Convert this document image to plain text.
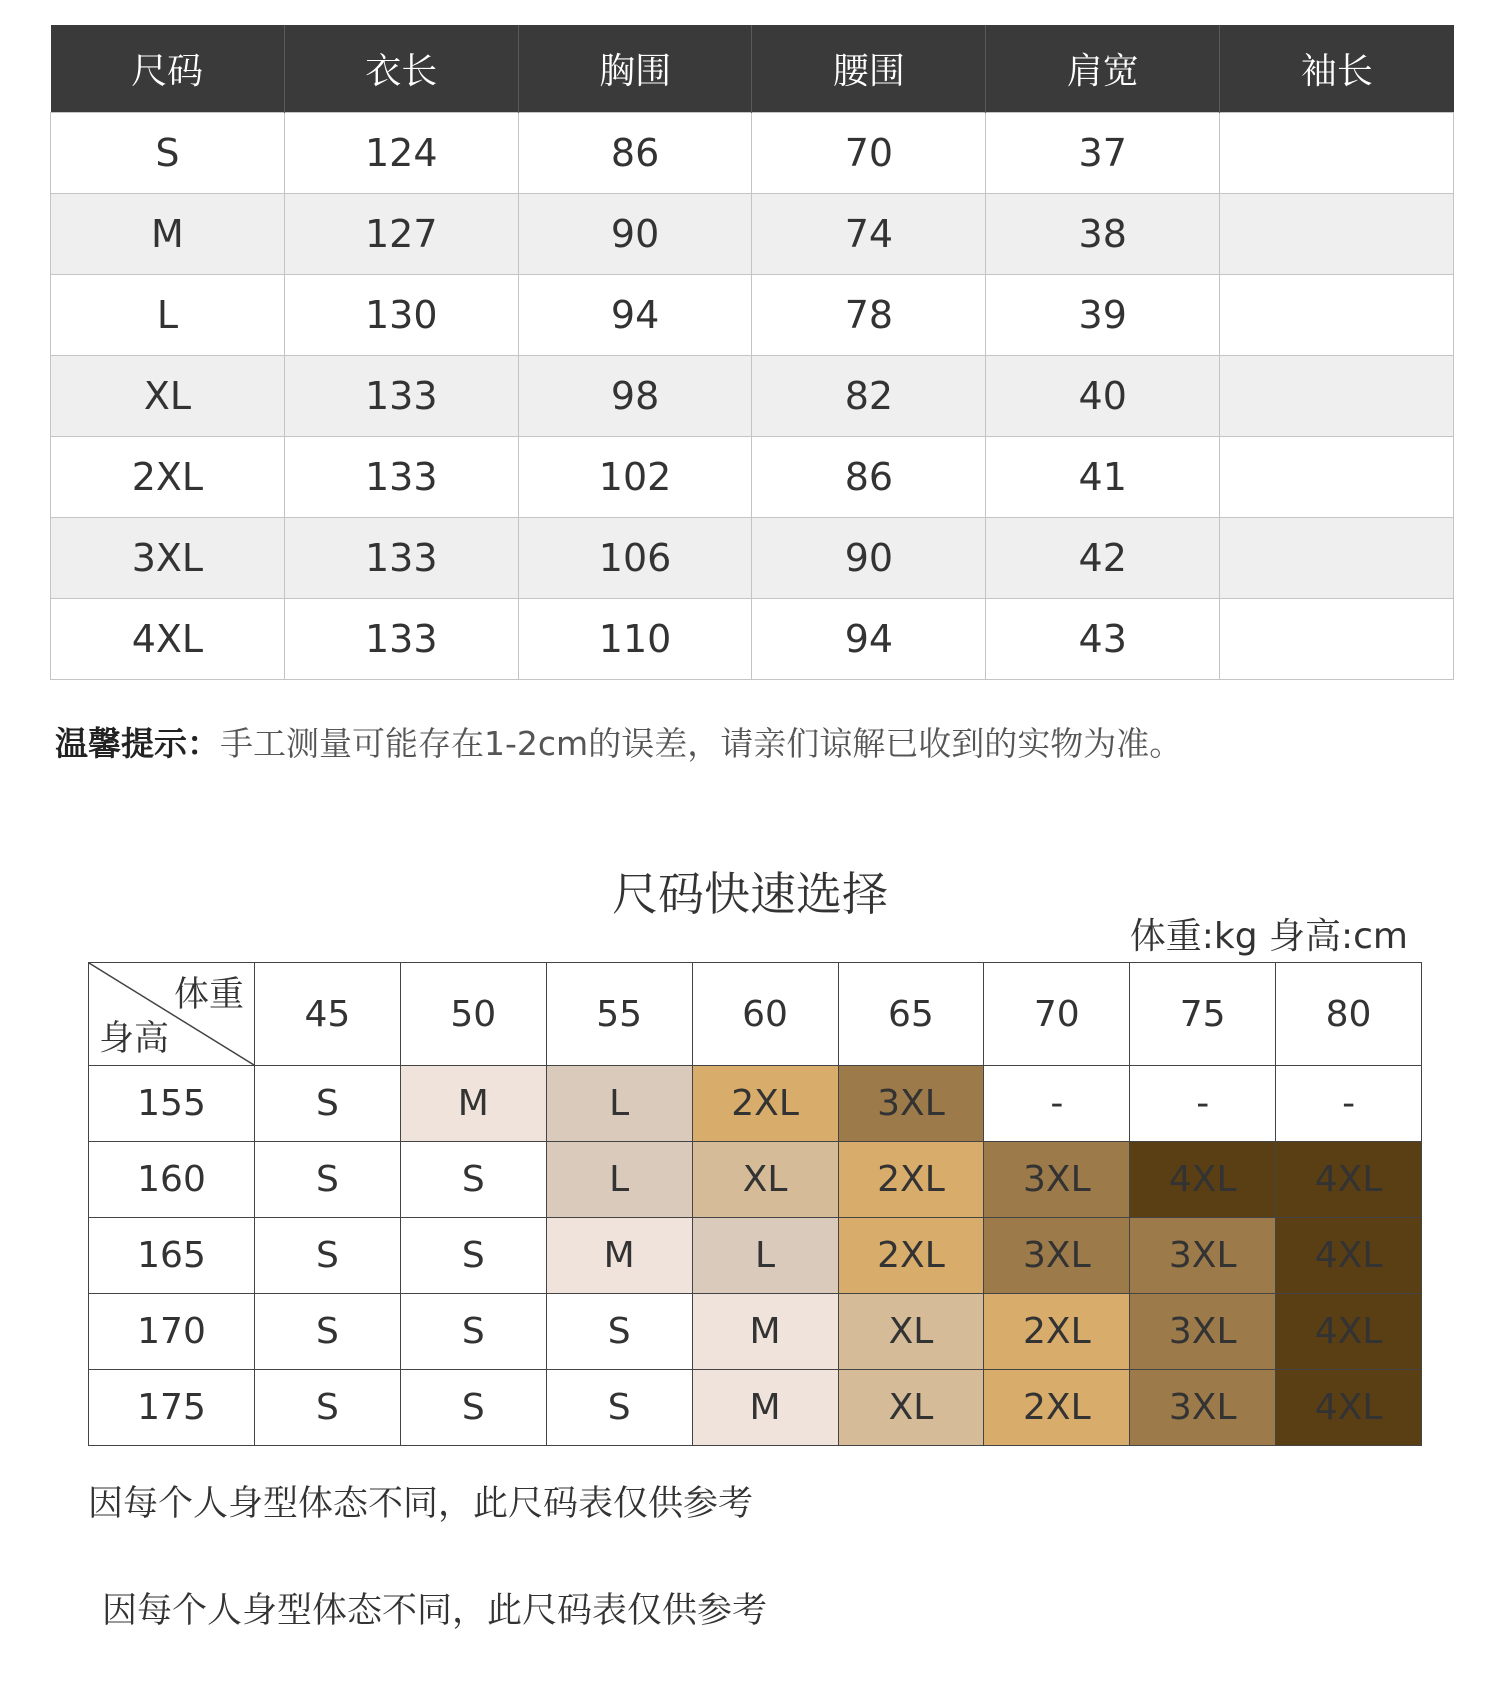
尺码	衣长	胸围	腰围	肩宽	袖长
S	124	86	70	37	
M	127	90	74	38	
L	130	94	78	39	
XL	133	98	82	40	
2XL	133	102	86	41	
3XL	133	106	90	42	
4XL	133	110	94	43	

温馨提示：手工测量可能存在1-2cm的误差，请亲们谅解已收到的实物为准。

尺码快速选择
体重:kg 身高:cm
体重
身高	45	50	55	60	65	70	75	80
155	S	M	L	2XL	3XL	-	-	-
160	S	S	L	XL	2XL	3XL	4XL	4XL
165	S	S	M	L	2XL	3XL	3XL	4XL
170	S	S	S	M	XL	2XL	3XL	4XL
175	S	S	S	M	XL	2XL	3XL	4XL

因每个人身型体态不同，此尺码表仅供参考

因每个人身型体态不同，此尺码表仅供参考
